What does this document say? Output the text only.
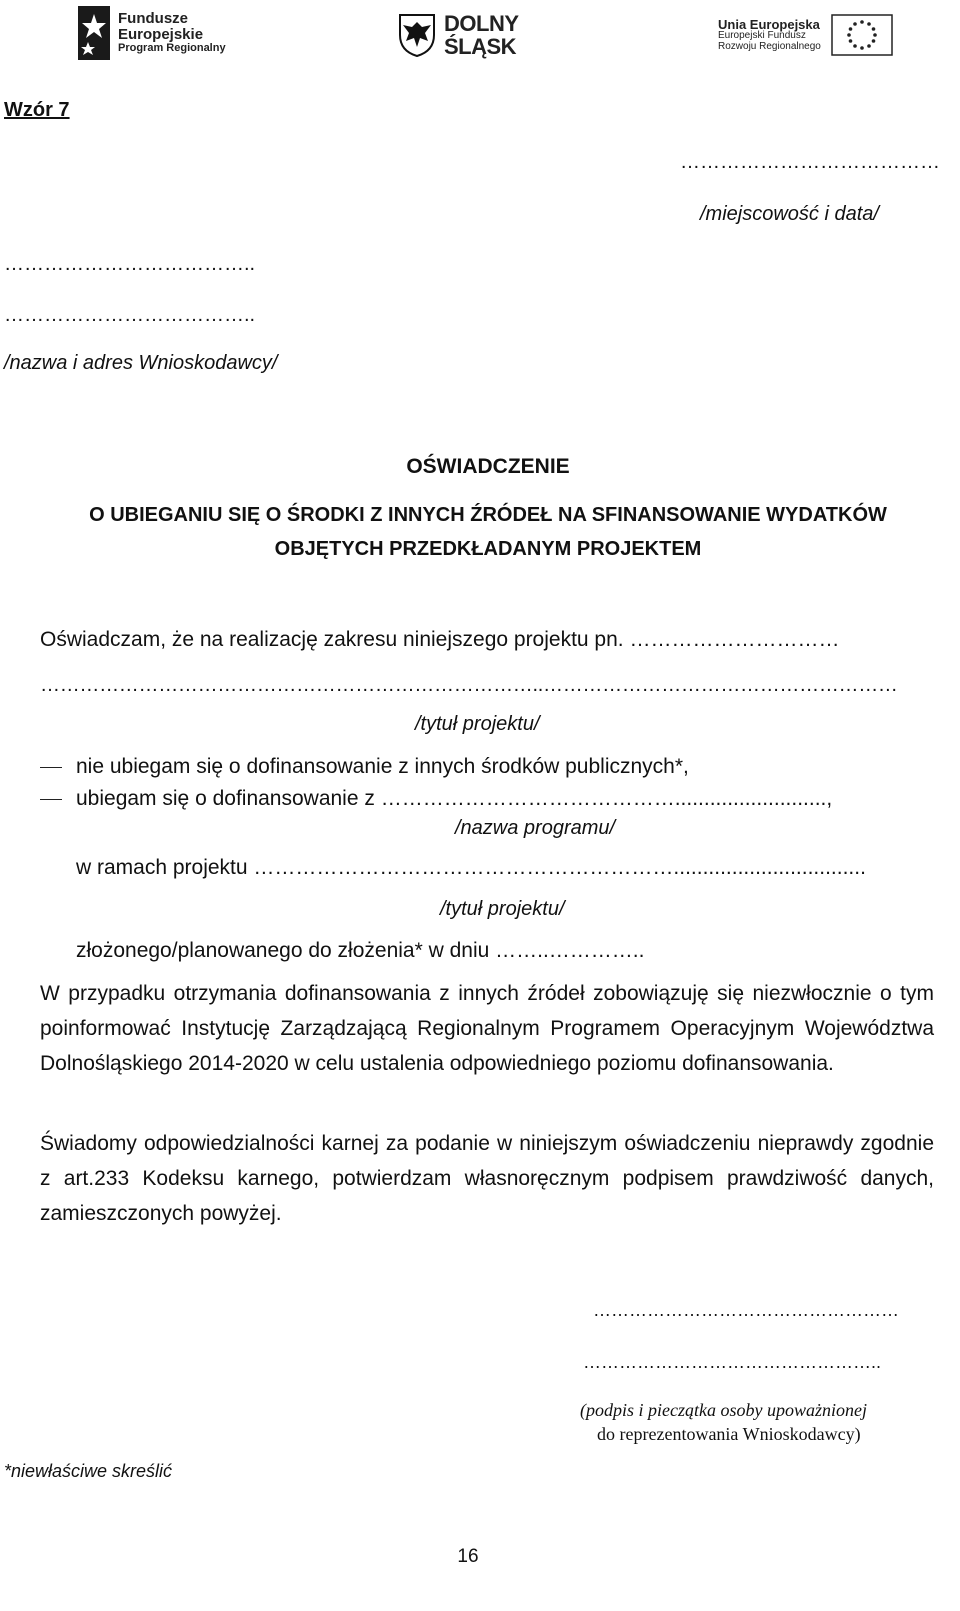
Fundusze
Europejskie
Program Regionalny
DOLNY
ŚLĄSK
Unia Europejska
Europejski Fundusz
Rozwoju Regionalnego
Wzór 7
…………………………………
/miejscowość i data/
………………………………..
………………………………..
/nazwa i adres Wnioskodawcy/
OŚWIADCZENIE
O UBIEGANIU SIĘ O ŚRODKI Z INNYCH ŹRÓDEŁ NA SFINANSOWANIE WYDATKÓW
OBJĘTYCH PRZEDKŁADANYM PROJEKTEM
Oświadczam, że na realizację zakresu niniejszego projektu pn. …………………………
…………………………………………………………………..………………………………………………
/tytuł projektu/
nie ubiegam się o dofinansowanie z innych środków publicznych*,
ubiegam się o dofinansowanie z ……………………………………..........................,
/nazwa programu/
w ramach projektu …………………………………………………….................................
/tytuł projektu/
złożonego/planowanego do złożenia* w dniu ……..…………..
W przypadku otrzymania dofinansowania z innych źródeł zobowiązuję się niezwłocznie o tym poinformować Instytucję Zarządzającą Regionalnym Programem Operacyjnym Województwa Dolnośląskiego 2014-2020 w celu ustalenia odpowiedniego poziomu dofinansowania.
Świadomy odpowiedzialności karnej za podanie w niniejszym oświadczeniu nieprawdy zgodnie z art.233 Kodeksu karnego, potwierdzam własnoręcznym podpisem prawdziwość danych, zamieszczonych powyżej.
……………………………………………
…………………………………………..
(podpis i pieczątka osoby upoważnionej
do reprezentowania Wnioskodawcy)
*niewłaściwe skreślić
16
